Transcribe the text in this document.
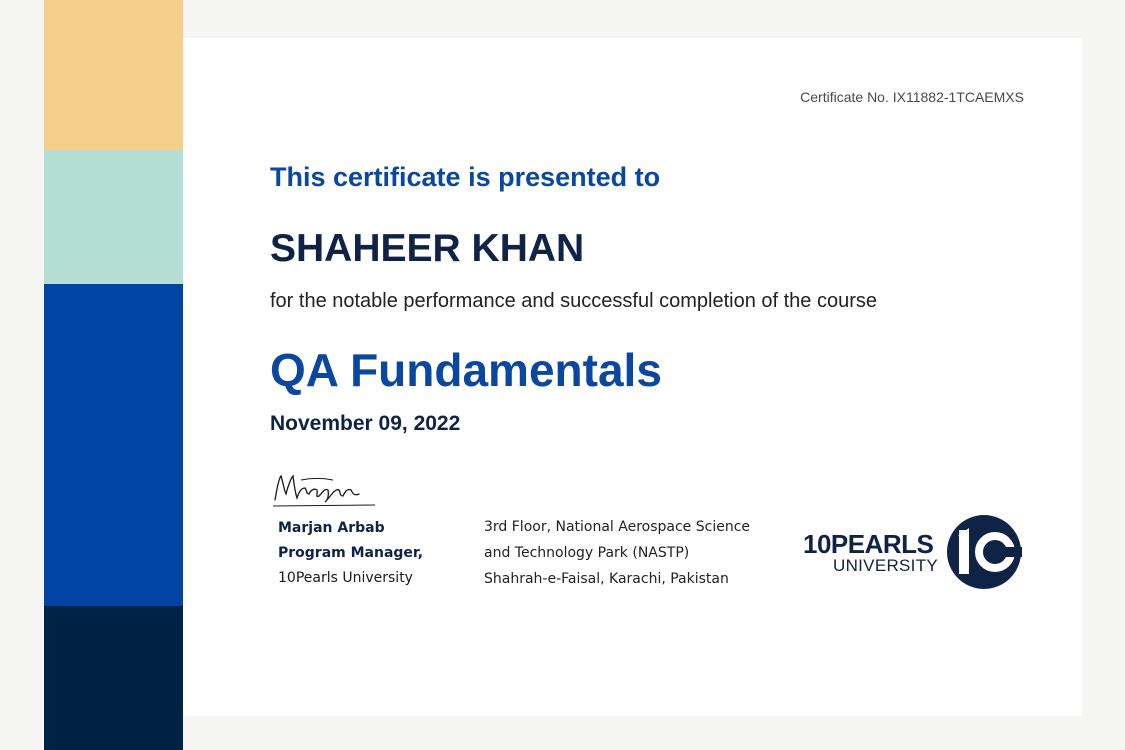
Certificate No. IX11882-1TCAEMXS
This certificate is presented to
SHAHEER KHAN
for the notable performance and successful completion of the course
QA Fundamentals
November 09, 2022
Marjan Arbab
Program Manager,
10Pearls University
3rd Floor, National Aerospace Science
and Technology Park (NASTP)
Shahrah-e-Faisal, Karachi, Pakistan
10PEARLS
UNIVERSITY
